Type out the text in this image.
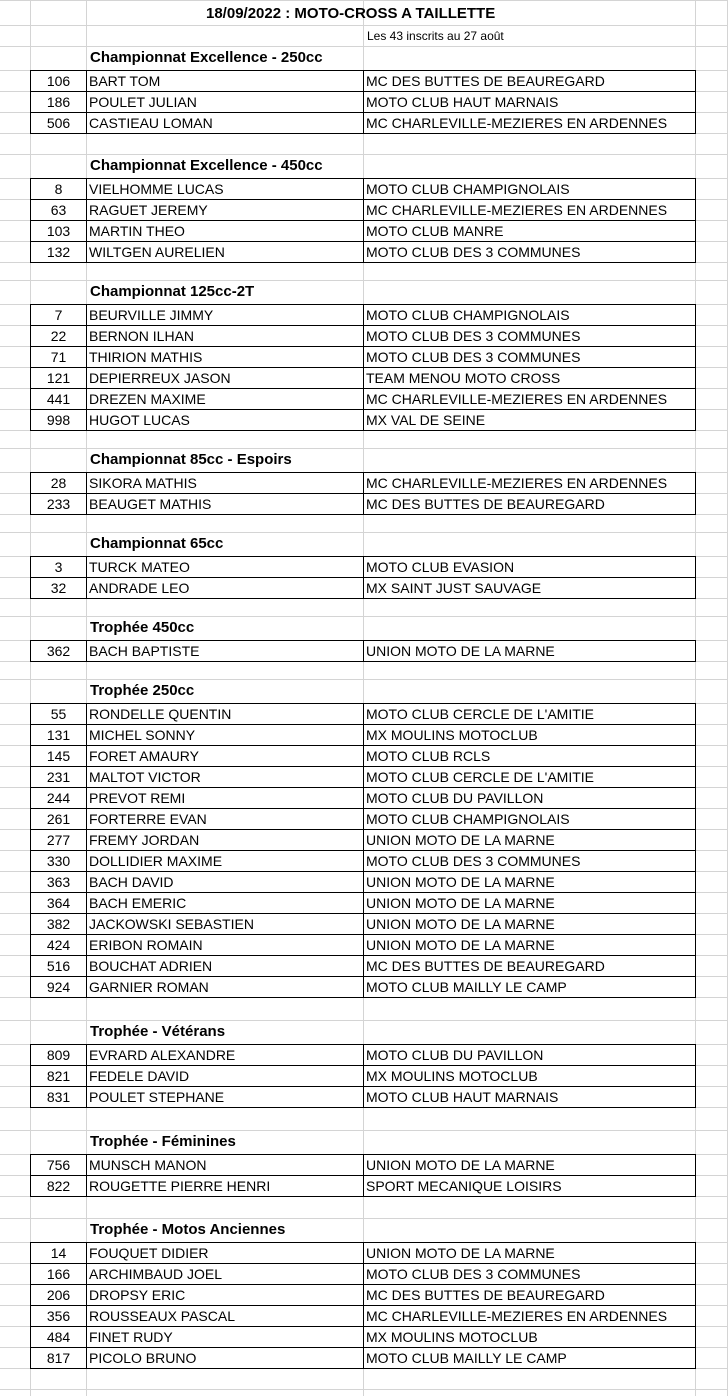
18/09/2022 : MOTO-CROSS A TAILLETTE
Les 43 inscrits au 27 août
Championnat Excellence - 250cc
106	BART TOM	MC DES BUTTES DE BEAUREGARD
186	POULET JULIAN	MOTO CLUB HAUT MARNAIS
506	CASTIEAU LOMAN	MC CHARLEVILLE-MEZIERES EN ARDENNES
Championnat Excellence - 450cc
8	VIELHOMME LUCAS	MOTO CLUB CHAMPIGNOLAIS
63	RAGUET JEREMY	MC CHARLEVILLE-MEZIERES EN ARDENNES
103	MARTIN THEO	MOTO CLUB MANRE
132	WILTGEN AURELIEN	MOTO CLUB DES 3 COMMUNES
Championnat 125cc-2T
7	BEURVILLE JIMMY	MOTO CLUB CHAMPIGNOLAIS
22	BERNON ILHAN	MOTO CLUB DES 3 COMMUNES
71	THIRION MATHIS	MOTO CLUB DES 3 COMMUNES
121	DEPIERREUX JASON	TEAM MENOU MOTO CROSS
441	DREZEN MAXIME	MC CHARLEVILLE-MEZIERES EN ARDENNES
998	HUGOT LUCAS	MX VAL DE SEINE
Championnat 85cc - Espoirs
28	SIKORA MATHIS	MC CHARLEVILLE-MEZIERES EN ARDENNES
233	BEAUGET MATHIS	MC DES BUTTES DE BEAUREGARD
Championnat 65cc
3	TURCK MATEO	MOTO CLUB EVASION
32	ANDRADE LEO	MX SAINT JUST SAUVAGE
Trophée 450cc
362	BACH BAPTISTE	UNION MOTO DE LA MARNE
Trophée 250cc
55	RONDELLE QUENTIN	MOTO CLUB CERCLE DE L'AMITIE
131	MICHEL SONNY	MX MOULINS MOTOCLUB
145	FORET AMAURY	MOTO CLUB RCLS
231	MALTOT VICTOR	MOTO CLUB CERCLE DE L'AMITIE
244	PREVOT REMI	MOTO CLUB DU PAVILLON
261	FORTERRE EVAN	MOTO CLUB CHAMPIGNOLAIS
277	FREMY JORDAN	UNION MOTO DE LA MARNE
330	DOLLIDIER MAXIME	MOTO CLUB DES 3 COMMUNES
363	BACH DAVID	UNION MOTO DE LA MARNE
364	BACH EMERIC	UNION MOTO DE LA MARNE
382	JACKOWSKI SEBASTIEN	UNION MOTO DE LA MARNE
424	ERIBON ROMAIN	UNION MOTO DE LA MARNE
516	BOUCHAT ADRIEN	MC DES BUTTES DE BEAUREGARD
924	GARNIER ROMAN	MOTO CLUB MAILLY LE CAMP
Trophée - Vétérans
809	EVRARD ALEXANDRE	MOTO CLUB DU PAVILLON
821	FEDELE DAVID	MX MOULINS MOTOCLUB
831	POULET STEPHANE	MOTO CLUB HAUT MARNAIS
Trophée - Féminines
756	MUNSCH MANON	UNION MOTO DE LA MARNE
822	ROUGETTE PIERRE HENRI	SPORT MECANIQUE LOISIRS
Trophée - Motos Anciennes
14	FOUQUET DIDIER	UNION MOTO DE LA MARNE
166	ARCHIMBAUD JOEL	MOTO CLUB DES 3 COMMUNES
206	DROPSY ERIC	MC DES BUTTES DE BEAUREGARD
356	ROUSSEAUX PASCAL	MC CHARLEVILLE-MEZIERES EN ARDENNES
484	FINET RUDY	MX MOULINS MOTOCLUB
817	PICOLO BRUNO	MOTO CLUB MAILLY LE CAMP
